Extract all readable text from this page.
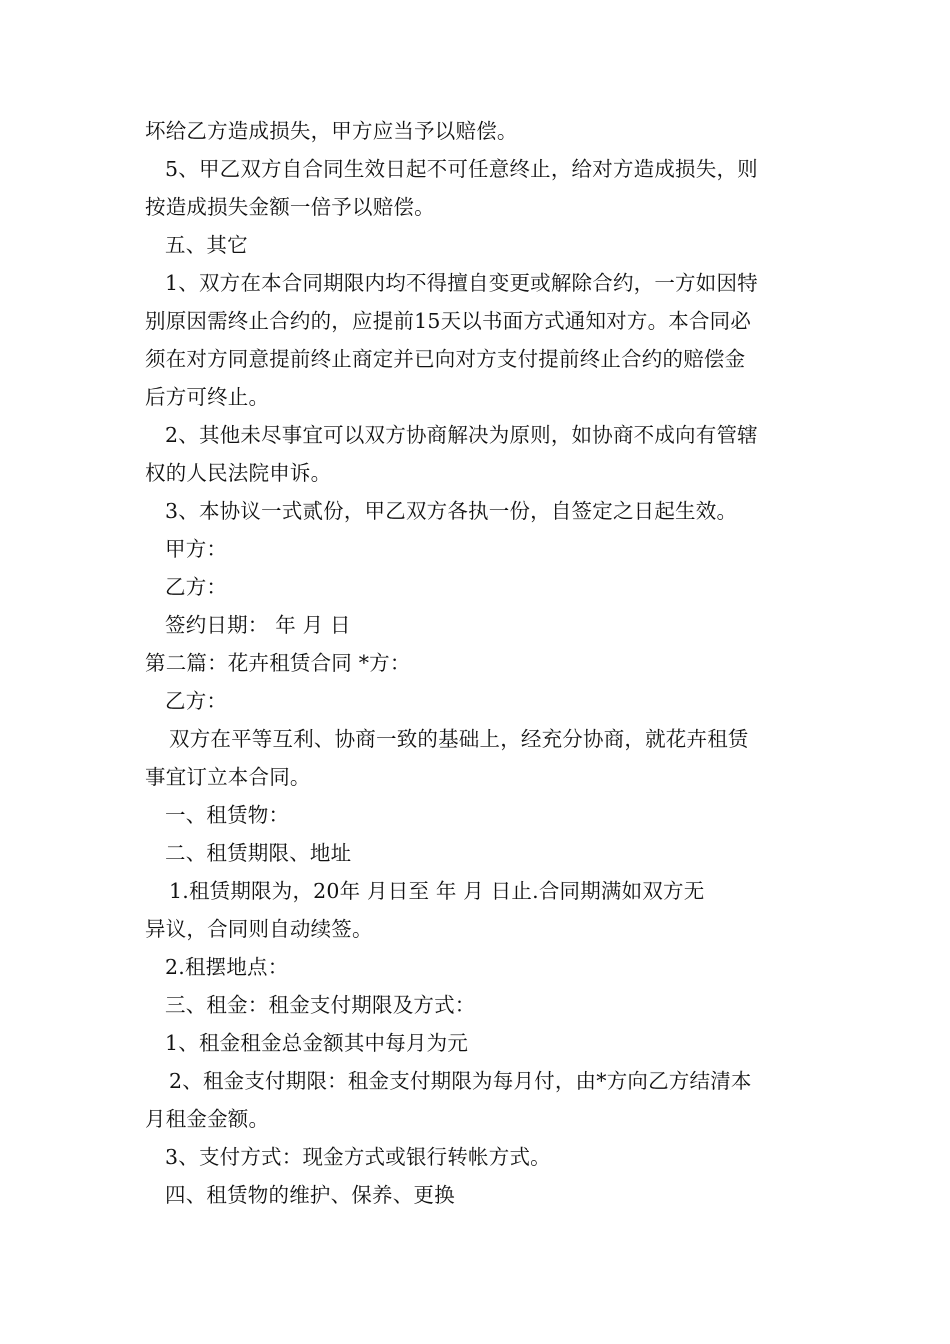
坏给乙方造成损失，甲方应当予以赔偿。
5、甲乙双方自合同生效日起不可任意终止，给对方造成损失，则
按造成损失金额一倍予以赔偿。
五、其它
1、双方在本合同期限内均不得擅自变更或解除合约，一方如因特
别原因需终止合约的，应提前15天以书面方式通知对方。本合同必
须在对方同意提前终止商定并已向对方支付提前终止合约的赔偿金
后方可终止。
2、其他未尽事宜可以双方协商解决为原则，如协商不成向有管辖
权的人民法院申诉。
3、本协议一式贰份，甲乙双方各执一份，自签定之日起生效。
甲方：
乙方：
签约日期： 年 月 日
第二篇：花卉租赁合同 *方：
乙方：
双方在平等互利、协商一致的基础上，经充分协商，就花卉租赁
事宜订立本合同。
一、租赁物：
二、租赁期限、地址
1.租赁期限为，20年 月日至 年 月 日止.合同期满如双方无
异议，合同则自动续签。
2.租摆地点：
三、租金：租金支付期限及方式：
1、租金租金总金额其中每月为元
2、租金支付期限：租金支付期限为每月付，由*方向乙方结清本
月租金金额。
3、支付方式：现金方式或银行转帐方式。
四、租赁物的维护、保养、更换
